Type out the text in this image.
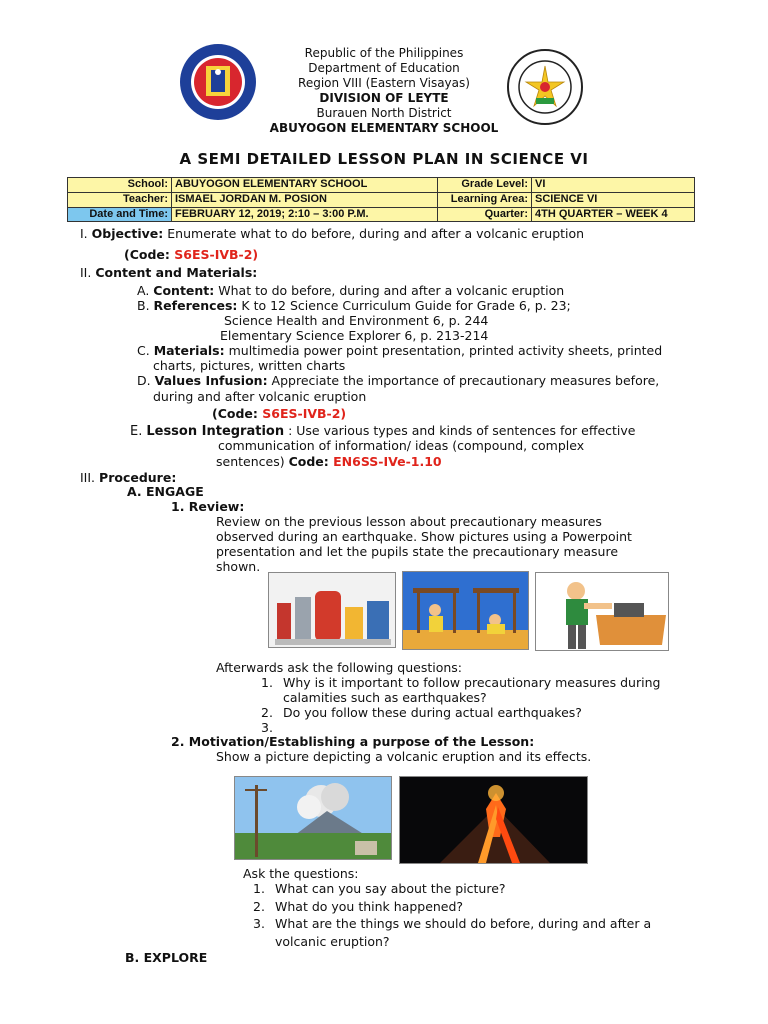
Republic of the Philippines
Department of Education
Region VIII (Eastern Visayas)
DIVISION OF LEYTE
Burauen North District
ABUYOGON ELEMENTARY SCHOOL
A SEMI DETAILED LESSON PLAN IN SCIENCE VI
School:	ABUYOGON ELEMENTARY SCHOOL	Grade Level:	VI
Teacher:	ISMAEL JORDAN M. POSION	Learning Area:	SCIENCE VI
Date and Time:	FEBRUARY 12, 2019; 2:10 – 3:00 P.M.	Quarter:	4TH QUARTER – WEEK 4
I. Objective: Enumerate what to do before, during and after a volcanic eruption
(Code: S6ES-IVB-2)
II. Content and Materials:
A. Content: What to do before, during and after a volcanic eruption
B. References: K to 12 Science Curriculum Guide for Grade 6, p. 23;
Science Health and Environment 6, p. 244
Elementary Science Explorer 6, p. 213-214
C. Materials: multimedia power point presentation, printed activity sheets, printed
charts, pictures, written charts
D. Values Infusion: Appreciate the importance of precautionary measures before,
during and after volcanic eruption
(Code: S6ES-IVB-2)
E. Lesson Integration : Use various types and kinds of sentences for effective
communication of information/ ideas (compound, complex
sentences) Code: EN6SS-IVe-1.10
III. Procedure:
A. ENGAGE
1. Review:
Review on the previous lesson about precautionary measures
observed during an earthquake. Show pictures using a Powerpoint
presentation and let the pupils state the precautionary measure
shown.
Afterwards ask the following questions:
1. Why is it important to follow precautionary measures during
calamities such as earthquakes?
2. Do you follow these during actual earthquakes?
3.
2. Motivation/Establishing a purpose of the Lesson:
Show a picture depicting a volcanic eruption and its effects.
Ask the questions:
1. What can you say about the picture?
2. What do you think happened?
3. What are the things we should do before, during and after a
volcanic eruption?
B. EXPLORE
